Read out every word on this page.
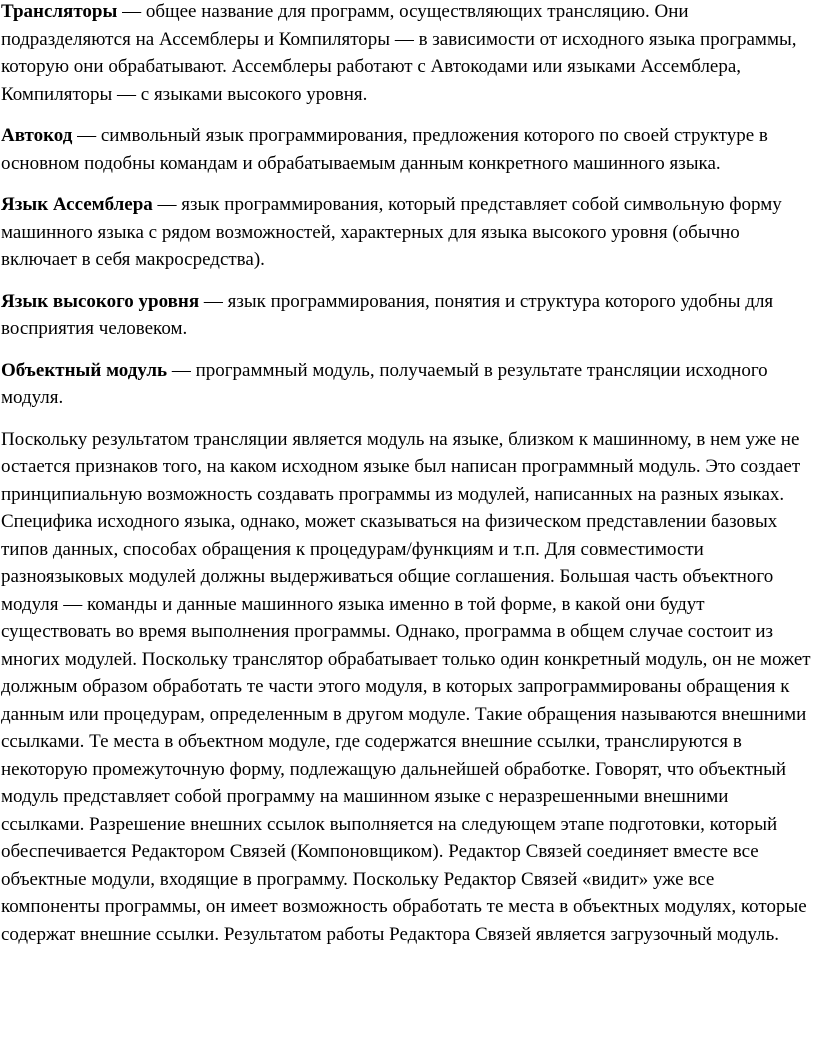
Трансляторы — общее название для программ, осуществляющих трансляцию. Они подразделяются на Ассемблеры и Компиляторы — в зависимости от исходного языка программы, которую они обрабатывают. Ассемблеры работают с Автокодами или языками Ассемблера, Компиляторы — с языками высокого уровня.

Автокод — символьный язык программирования, предложения которого по своей структуре в основном подобны командам и обрабатываемым данным конкретного машинного языка.

Язык Ассемблера — язык программирования, который представляет собой символьную форму машинного языка с рядом возможностей, характерных для языка высокого уровня (обычно включает в себя макросредства).

Язык высокого уровня — язык программирования, понятия и структура которого удобны для восприятия человеком.

Объектный модуль — программный модуль, получаемый в результате трансляции исходного модуля.

Поскольку результатом трансляции является модуль на языке, близком к машинному, в нем уже не остается признаков того, на каком исходном языке был написан программный модуль. Это создает принципиальную возможность создавать программы из модулей, написанных на разных языках. Специфика исходного языка, однако, может сказываться на физическом представлении базовых типов данных, способах обращения к процедурам/функциям и т.п. Для совместимости разноязыковых модулей должны выдерживаться общие соглашения. Большая часть объектного модуля — команды и данные машинного языка именно в той форме, в какой они будут существовать во время выполнения программы. Однако, программа в общем случае состоит из многих модулей. Поскольку транслятор обрабатывает только один конкретный модуль, он не может должным образом обработать те части этого модуля, в которых запрограммированы обращения к данным или процедурам, определенным в другом модуле. Такие обращения называются внешними ссылками. Те места в объектном модуле, где содержатся внешние ссылки, транслируются в некоторую промежуточную форму, подлежащую дальнейшей обработке. Говорят, что объектный модуль представляет собой программу на машинном языке с неразрешенными внешними ссылками. Разрешение внешних ссылок выполняется на следующем этапе подготовки, который обеспечивается Редактором Связей (Компоновщиком). Редактор Связей соединяет вместе все объектные модули, входящие в программу. Поскольку Редактор Связей «видит» уже все компоненты программы, он имеет возможность обработать те места в объектных модулях, которые содержат внешние ссылки. Результатом работы Редактора Связей является загрузочный модуль.
